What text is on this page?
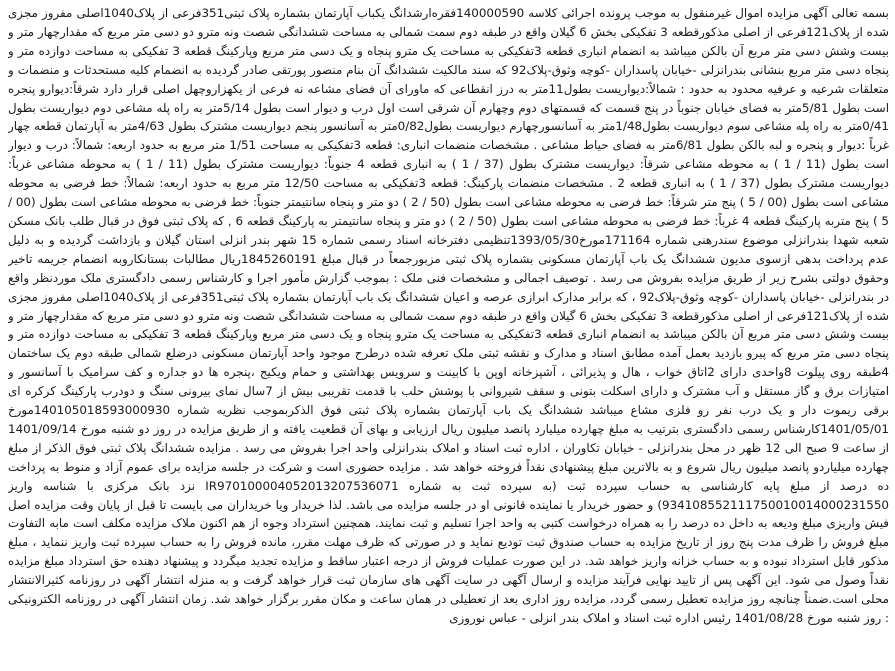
بسمه تعالی آگهی مزایده اموال غیرمنقول به موجب پرونده اجرائی کلاسه 140000590فقره‌ارشدانگ یکباب آپارتمان بشماره پلاک ثبتی351فرعی از پلاک1040اصلی مفروز مجزی شده از پلاک121فرعی از اصلی مذکورقطعه 3 تفکیکی بخش 6 گیلان واقع در طبقه دوم سمت شمالی به مساحت ششدانگی شصت ونه مترو دو دسی متر مربع که مقدارچهار متر و بیست وشش دسی متر مربع آن بالکن میباشد به انضمام انباری قطعه 3تفکیکی به مساحت یک مترو پنجاه و یک دسی متر مربع وپارکینگ قطعه 3 تفکیکی به مساحت دوازده متر و پنجاه دسی متر مربع بنشانی بندرانزلی -خیابان پاسداران -کوچه وثوق-پلاک92 که سند مالکیت ششدانگ آن بنام منصور پورتقی صادر گردیده به انضمام کلیه مستحدثات و منضمات و متعلقات شرعیه و عرفیه محدود به حدود : شمالاً:دیواریست بطول11متر به درز انقطاعی که ماورای آن فضای مشاعه نه فرعی از یکهزاروچهل اصلی قرار دارد شرقاً:دیوارو پنجره است بطول 5/81متر به فضای خیابان جنوباً در پنج قسمت که قسمتهای دوم وچهارم آن شرقی است اول درب و دیوار است بطول 5/14متر به راه پله مشاعی دوم دیواریست بطول 0/41متر به راه پله مشاعی سوم دیواریست بطول1/48متر به آسانسورچهارم دیواریست بطول0/82متر به آسانسور پنجم دیواریست مشترک بطول 4/63متر به آپارتمان قطعه چهار غرباً :دیوار و پنجره و لبه بالکن بطول 6/81متر به فضای حیاط مشاعی . مشخصات منضمات انباری: قطعه 3تفکیکی به مساحت 1/51 متر مربع به حدود اربعه: شمالاً: درب و دیوار است بطول (11 / 1 ) به محوطه مشاعی شرقاً: دیواریست مشترک بطول (37 / 1 ) به انباری قطعه 4 جنوباً: دیواریست مشترک بطول (11 / 1 ) به محوطه مشاعی غرباً: دیواریست مشترک بطول (37 / 1 ) به انباری قطعه 2 . مشخصات منضمات پارکینگ: قطعه 3تفکیکی به مساحت 12/50 متر مربع به حدود اربعه: شمالاً: خط فرضی به محوطه مشاعی است بطول (00 / 5 ) پنج متر شرقاً: خط فرضی به محوطه مشاعی است بطول (50 / 2 ) دو متر و پنجاه سانتیمتر جنوباً: خط فرضی به محوطه مشاعی است بطول (00 / 5 ) پنج متربه پارکینگ قطعه 4 غرباً: خط فرضی به محوطه مشاعی است بطول (50 / 2 ) دو متر و پنجاه سانتیمتر به پارکینگ قطعه 6 , که پلاک ثبتی فوق در قبال طلب بانک مسکن شعبه شهدا بندرانزلی موضوع سندرهنی شماره 171164مورخ1393/05/30تنظیمی دفترخانه اسناد رسمی شماره 15 شهر بندر انزلی استان گیلان و بازداشت گردیده و به دلیل عدم پرداخت بدهی ازسوی مدیون ششدانگ یک باب آپارتمان مسکونی بشماره پلاک ثبتی مزبورجمعاً در قبال مبلغ 1845260191ریال مطالبات بستانکاروبه انضمام جریمه تاخیر وحقوق دولتی بشرح زیر از طریق مزایده بفروش می رسد . توصیف اجمالی و مشخصات فنی ملک : بموجب گزارش مأمور اجرا و کارشناس رسمی دادگستری ملک موردنظر واقع در بندرانزلی -خیابان پاسداران -کوچه وثوق-پلاک92 ، که برابر مدارک ابرازی عرصه و اعیان ششدانگ یک باب آپارتمان بشماره پلاک ثبتی351فرعی از پلاک1040اصلی مفروز مجزی شده از پلاک121فرعی از اصلی مذکورقطعه 3 تفکیکی بخش 6 گیلان واقع در طبقه دوم سمت شمالی به مساحت ششدانگی شصت ونه مترو دو دسی متر مربع که مقدارچهار متر و بیست وشش دسی متر مربع آن بالکن میباشد به انضمام انباری قطعه 3تفکیکی به مساحت یک مترو پنجاه و یک دسی متر مربع وپارکینگ قطعه 3 تفکیکی به مساحت دوازده متر و پنجاه دسی متر مربع که پیرو بازدید بعمل آمده مطابق اسناد و مدارک و نقشه ثبتی ملک تعرفه شده درطرح موجود واحد آپارتمان مسکونی درضلع شمالی طبقه دوم یک ساختمان 4طبقه روی پیلوت 8واحدی دارای 2اتاق خواب ، هال و پذیرائی ، آشپزخانه اوپن با کابینت و سرویس بهداشتی و حمام ویکیج ،پنجره ها دو جداره و کف سرامیک با آسانسور و امتیازات برق و گاز مستقل و آب مشترک و دارای اسکلت بتونی و سقف شیروانی با پوشش حلب با قدمت تقریبی بیش از 7سال نمای بیرونی سنگ و دودرب پارکینگ کرکره ای برقی ریموت دار و یک درب نفر رو فلزی مشاع میباشد ششدانگ یک باب آپارتمان بشماره پلاک ثبتی فوق الذکربموجب نظریه شماره 140105018593000930مورخ 1401/05/01کارشناس رسمی دادگستری بترتیب به مبلغ چهارده میلیارد پانصد میلیون ریال ارزیابی و بهای آن قطعیت یافته و از طریق مزایده در روز دو شنبه مورخ 1401/09/14 از ساعت 9 صبح الی 12 ظهر در محل بندرانزلی - خیابان تکاوران ، اداره ثبت اسناد و املاک بندرانزلی واحد اجرا بفروش می رسد . مزایده ششدانگ پلاک ثبتی فوق الذکر از مبلغ چهارده میلیاردو پانصد میلیون ریال شروع و به بالاترین مبلغ پیشنهادی نقداً فروخته خواهد شد . مزایده حضوری است و شرکت در جلسه مزایده برای عموم آزاد و منوط به پرداخت ده درصد از مبلغ پایه کارشناسی به حساب سپرده ثبت (به سپرده ثبت به شماره IR970100004052013207536071 نزد بانک مرکزی با شناسه واریز 934108552111750010014000231550) و حضور خریدار یا نماینده قانونی او در جلسه مزایده می باشد. لذا خریدار ویا خریداران می بایست تا قبل از پایان وقت مزایده اصل فیش واریزی مبلغ ودیعه به داخل ده درصد را به همراه درخواست کتبی به واحد اجرا تسلیم و ثبت نمایند. همچنین استرداد وجوه از هم اکنون ملاک مزایده مکلف است مابه التفاوت مبلغ فروش را ظرف مدت پنج روز از تاریخ مزایده به حساب صندوق ثبت تودیع نماید و در صورتی که ظرف مهلت مقرر، مانده فروش را به حساب سپرده ثبت واریز ننماید ، مبلغ مذکور قابل استرداد نبوده و به حساب خزانه واریز خواهد شد. در این صورت عملیات فروش از درجه اعتبار ساقط و مزایده تجدید میگردد و پیشنهاد دهنده حق استرداد مبلغ مزایده نقداً وصول می شود. این آگهی پس از تایید نهایی فرآیند مزایده و ارسال آگهی در سایت آگهی های سازمان ثبت قرار خواهد گرفت و به منزله انتشار آگهی در روزنامه کثیرالانتشار محلی است.ضمناً چنانچه روز مزایده تعطیل رسمی گردد، مزایده روز اداری بعد از تعطیلی در همان ساعت و مکان مقرر برگزار خواهد شد. زمان انتشار آگهی در روزنامه الکترونیکی : روز شنبه مورخ 1401/08/28 رئیس اداره ثبت اسناد و املاک بندر انزلی - عباس نوروزی
